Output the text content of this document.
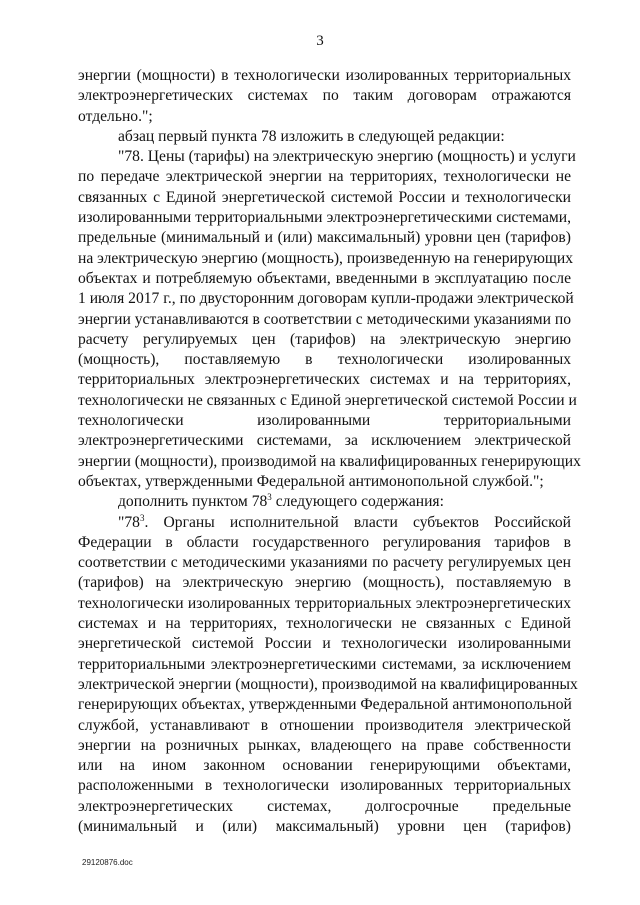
3
энергии (мощности) в технологически изолированных территориальных
электроэнергетических системах по таким договорам отражаются
отдельно.";
абзац первый пункта 78 изложить в следующей редакции:
"78. Цены (тарифы) на электрическую энергию (мощность) и услуги
по передаче электрической энергии на территориях, технологически не
связанных с Единой энергетической системой России и технологически
изолированными территориальными электроэнергетическими системами,
предельные (минимальный и (или) максимальный) уровни цен (тарифов)
на электрическую энергию (мощность), произведенную на генерирующих
объектах и потребляемую объектами, введенными в эксплуатацию после
1 июля 2017 г., по двусторонним договорам купли-продажи электрической
энергии устанавливаются в соответствии с методическими указаниями по
расчету регулируемых цен (тарифов) на электрическую энергию
(мощность), поставляемую в технологически изолированных
территориальных электроэнергетических системах и на территориях,
технологически не связанных с Единой энергетической системой России и
технологически изолированными территориальными
электроэнергетическими системами, за исключением электрической
энергии (мощности), производимой на квалифицированных генерирующих
объектах, утвержденными Федеральной антимонопольной службой.";
дополнить пунктом $78^3$ следующего содержания:
"$78^3$. Органы исполнительной власти субъектов Российской
Федерации в области государственного регулирования тарифов в
соответствии с методическими указаниями по расчету регулируемых цен
(тарифов) на электрическую энергию (мощность), поставляемую в
технологически изолированных территориальных электроэнергетических
системах и на территориях, технологически не связанных с Единой
энергетической системой России и технологически изолированными
территориальными электроэнергетическими системами, за исключением
электрической энергии (мощности), производимой на квалифицированных
генерирующих объектах, утвержденными Федеральной антимонопольной
службой, устанавливают в отношении производителя электрической
энергии на розничных рынках, владеющего на праве собственности
или на ином законном основании генерирующими объектами,
расположенными в технологически изолированных территориальных
электроэнергетических системах, долгосрочные предельные
(минимальный и (или) максимальный) уровни цен (тарифов)
29120876.doc
